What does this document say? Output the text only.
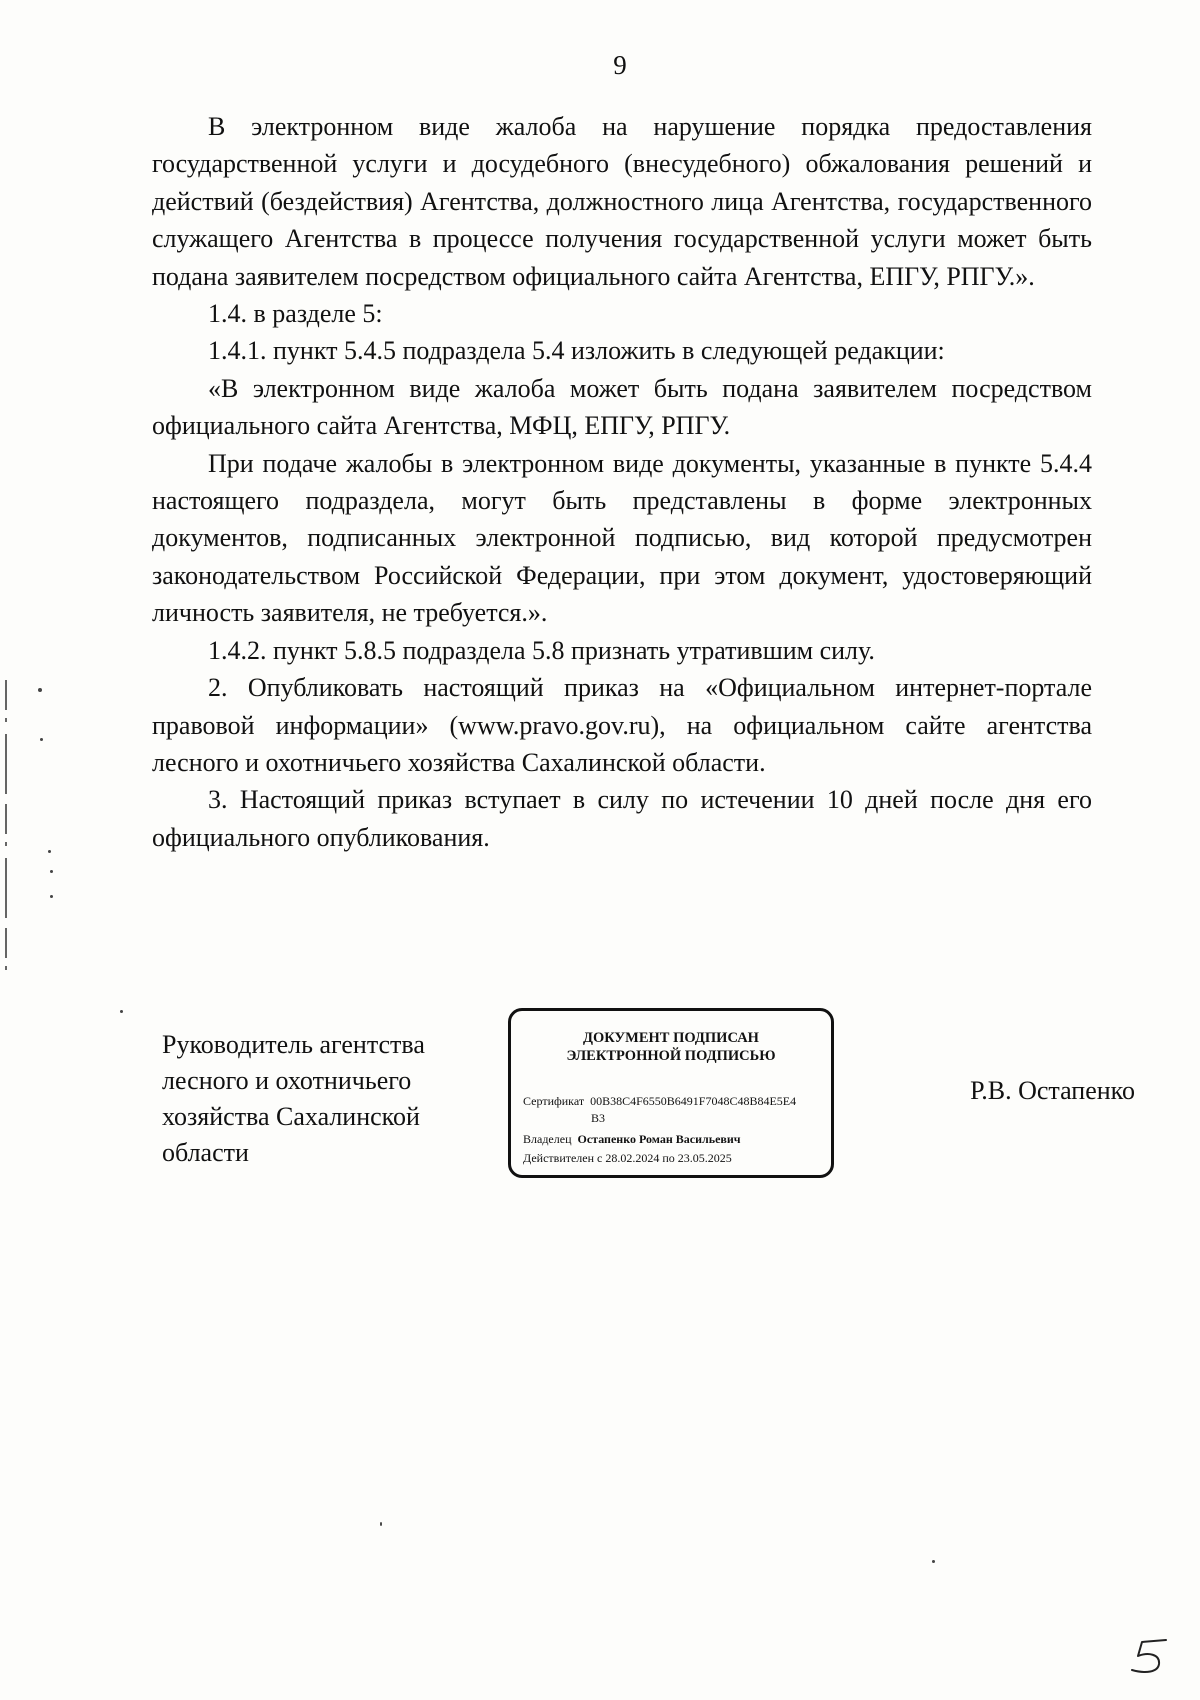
9

В электронном виде жалоба на нарушение порядка предоставления государственной услуги и досудебного (внесудебного) обжалования решений и действий (бездействия) Агентства, должностного лица Агентства, государственного служащего Агентства в процессе получения государственной услуги может быть подана заявителем посредством официального сайта Агентства, ЕПГУ, РПГУ.».

1.4. в разделе 5:

1.4.1. пункт 5.4.5 подраздела 5.4 изложить в следующей редакции:

«В электронном виде жалоба может быть подана заявителем посредством официального сайта Агентства, МФЦ, ЕПГУ, РПГУ.

При подаче жалобы в электронном виде документы, указанные в пункте 5.4.4 настоящего подраздела, могут быть представлены в форме электронных документов, подписанных электронной подписью, вид которой предусмотрен законодательством Российской Федерации, при этом документ, удостоверяющий личность заявителя, не требуется.».

1.4.2. пункт 5.8.5 подраздела 5.8 признать утратившим силу.

2. Опубликовать настоящий приказ на «Официальном интернет-портале правовой информации» (www.pravo.gov.ru), на официальном сайте агентства лесного и охотничьего хозяйства Сахалинской области.

3. Настоящий приказ вступает в силу по истечении 10 дней после дня его официального опубликования.

Руководитель агентства
лесного и охотничьего
хозяйства Сахалинской
области
ДОКУМЕНТ ПОДПИСАН
ЭЛЕКТРОННОЙ ПОДПИСЬЮ
Сертификат 00B38C4F6550B6491F7048C48B84E5E4
B3
Владелец Остапенко Роман Васильевич
Действителен с 28.02.2024 по 23.05.2025
Р.В. Остапенко
